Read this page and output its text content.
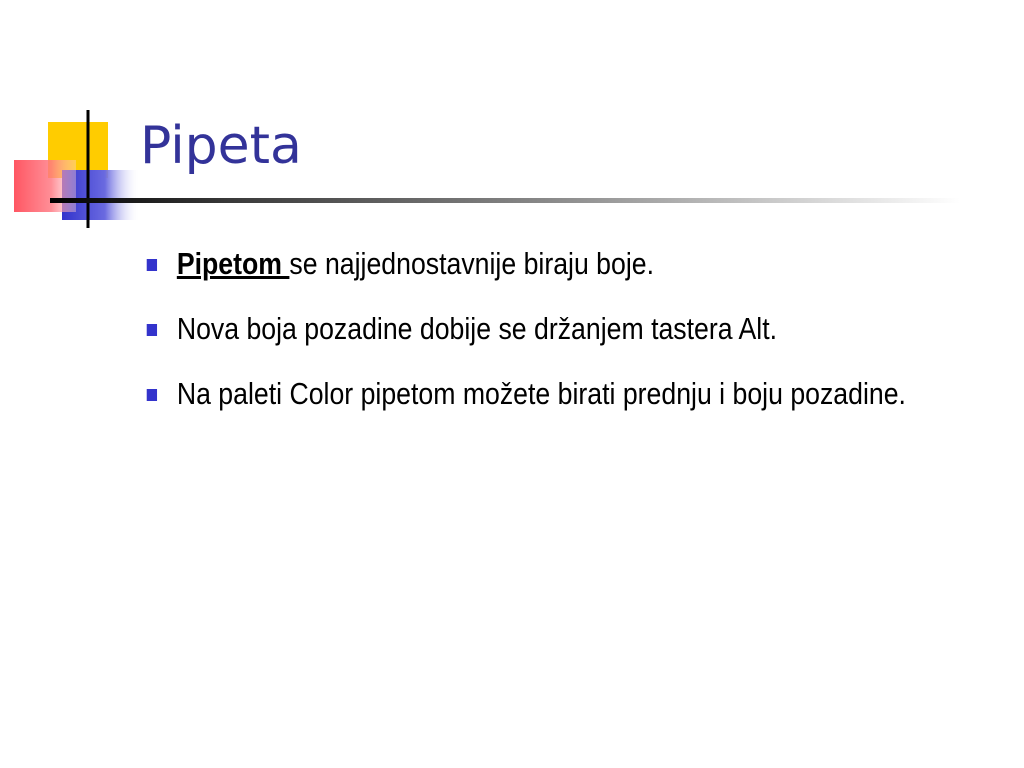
Pipeta
Pipetom se najjednostavnije biraju boje.
Nova boja pozadine dobije se držanjem tastera Alt.
Na paleti Color pipetom možete birati prednju i boju pozadine.
